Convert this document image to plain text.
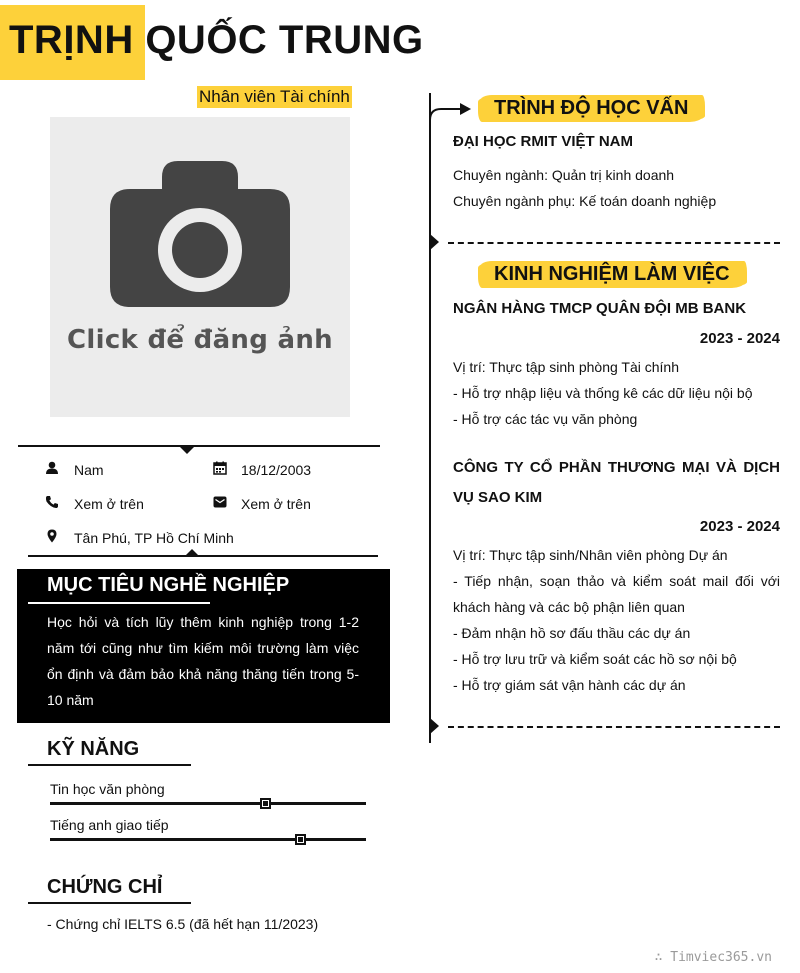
TRỊNH QUỐC TRUNG
Nhân viên Tài chính
Click để đăng ảnh
Nam	18/12/2003
Xem ở trên	Xem ở trên
Tân Phú, TP Hồ Chí Minh
MỤC TIÊU NGHỀ NGHIỆP
Học hỏi và tích lũy thêm kinh nghiệp trong 1-2 năm tới cũng như tìm kiếm môi trường làm việc ổn định và đảm bảo khả năng thăng tiến trong 5-10 năm
KỸ NĂNG
Tin học văn phòng
Tiếng anh giao tiếp
CHỨNG CHỈ
- Chứng chỉ IELTS 6.5 (đã hết hạn 11/2023)
TRÌNH ĐỘ HỌC VẤN
ĐẠI HỌC RMIT VIỆT NAM
Chuyên ngành: Quản trị kinh doanh
Chuyên ngành phụ: Kế toán doanh nghiệp
KINH NGHIỆM LÀM VIỆC
NGÂN HÀNG TMCP QUÂN ĐỘI MB BANK
2023 - 2024
Vị trí: Thực tập sinh phòng Tài chính
- Hỗ trợ nhập liệu và thống kê các dữ liệu nội bộ
- Hỗ trợ các tác vụ văn phòng
CÔNG TY CỔ PHẦN THƯƠNG MẠI VÀ DỊCH VỤ SAO KIM
2023 - 2024
Vị trí: Thực tập sinh/Nhân viên phòng Dự án
- Tiếp nhận, soạn thảo và kiểm soát mail đối với khách hàng và các bộ phận liên quan
- Đảm nhận hồ sơ đấu thầu các dự án
- Hỗ trợ lưu trữ và kiểm soát các hồ sơ nội bộ
- Hỗ trợ giám sát vận hành các dự án
∴ Timviec365.vn
